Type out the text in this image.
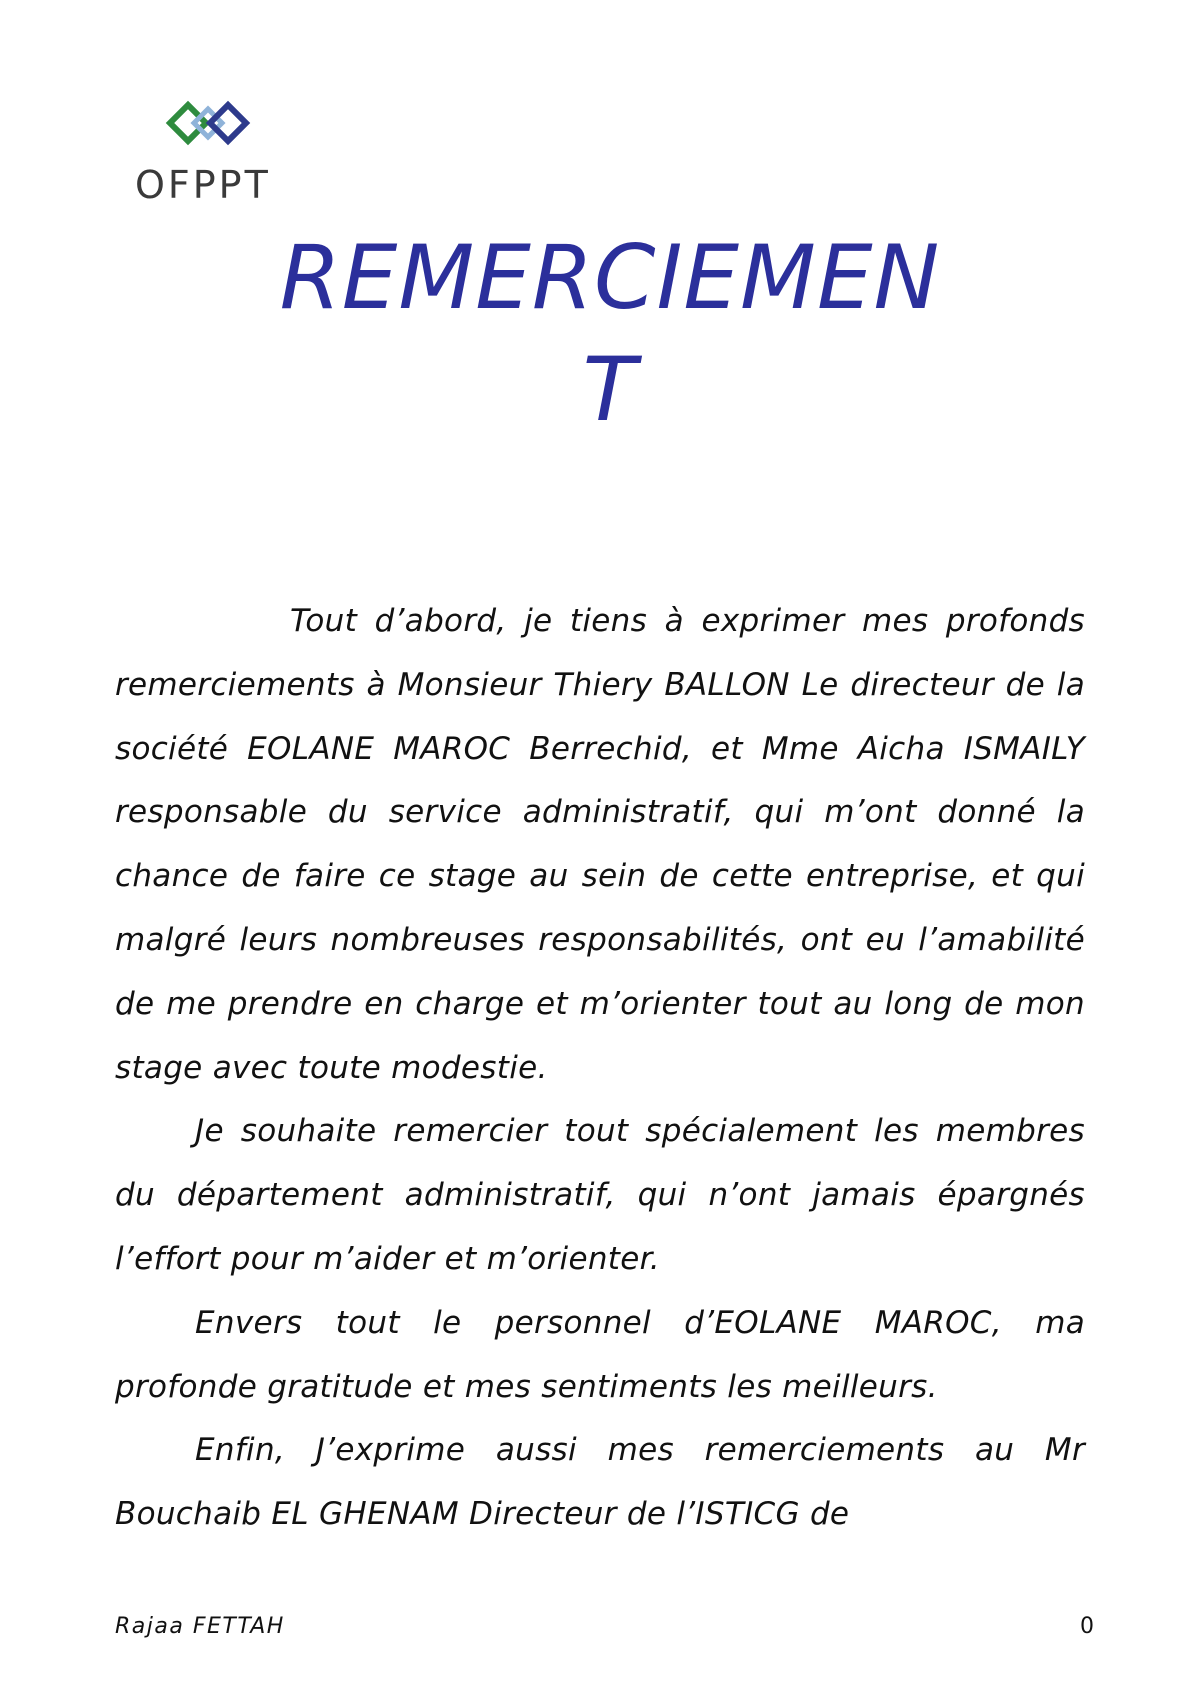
OFPPT
REMERCIEMEN
T

Tout d’abord, je tiens à exprimer mes profonds remerciements à Monsieur Thiery BALLON Le directeur de la société EOLANE MAROC Berrechid, et Mme Aicha ISMAILY responsable du service administratif, qui m’ont donné la chance de faire ce stage au sein de cette entreprise, et qui malgré leurs nombreuses responsabilités, ont eu l’amabilité de me prendre en charge et m’orienter tout au long de mon stage avec toute modestie.

Je souhaite remercier tout spécialement les membres du département administratif, qui n’ont jamais épargnés l’effort pour m’aider et m’orienter.

Envers tout le personnel d’EOLANE MAROC, ma profonde gratitude et mes sentiments les meilleurs.

Enfin, J’exprime aussi mes remerciements au Mr Bouchaib EL GHENAM Directeur de l’ISTICG de

Rajaa FETTAH	0
